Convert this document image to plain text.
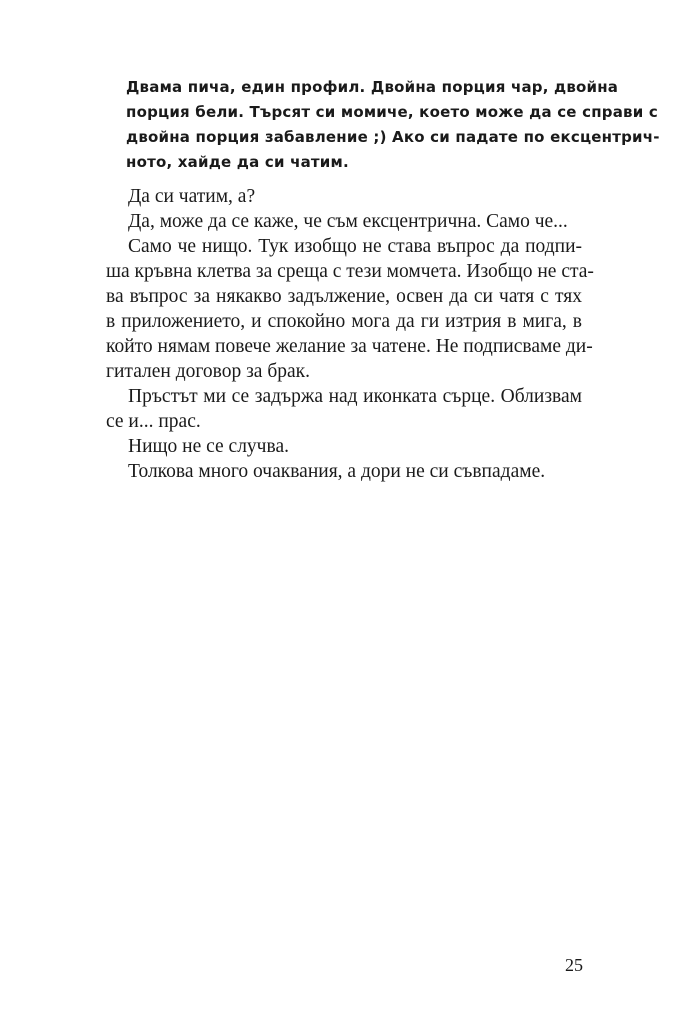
Двама пича, един профил. Двойна порция чар, двойна
порция бели. Търсят си момиче, което може да се справи с
двойна порция забавление ;) Ако си падате по ексцентрич-
ното, хайде да си чатим.
Да си чатим, а?
Да, може да се каже, че съм ексцентрична. Само че...
Само че нищо. Тук изобщо не става въпрос да подпи-
ша кръвна клетва за среща с тези момчета. Изобщо не ста-
ва въпрос за някакво задължение, освен да си чатя с тях
в приложението, и спокойно мога да ги изтрия в мига, в
който нямам повече желание за чатене. Не подписваме ди-
гитален договор за брак.
Пръстът ми се задържа над иконката сърце. Облизвам
се и... прас.
Нищо не се случва.
Толкова много очаквания, а дори не си съвпадаме.
25
